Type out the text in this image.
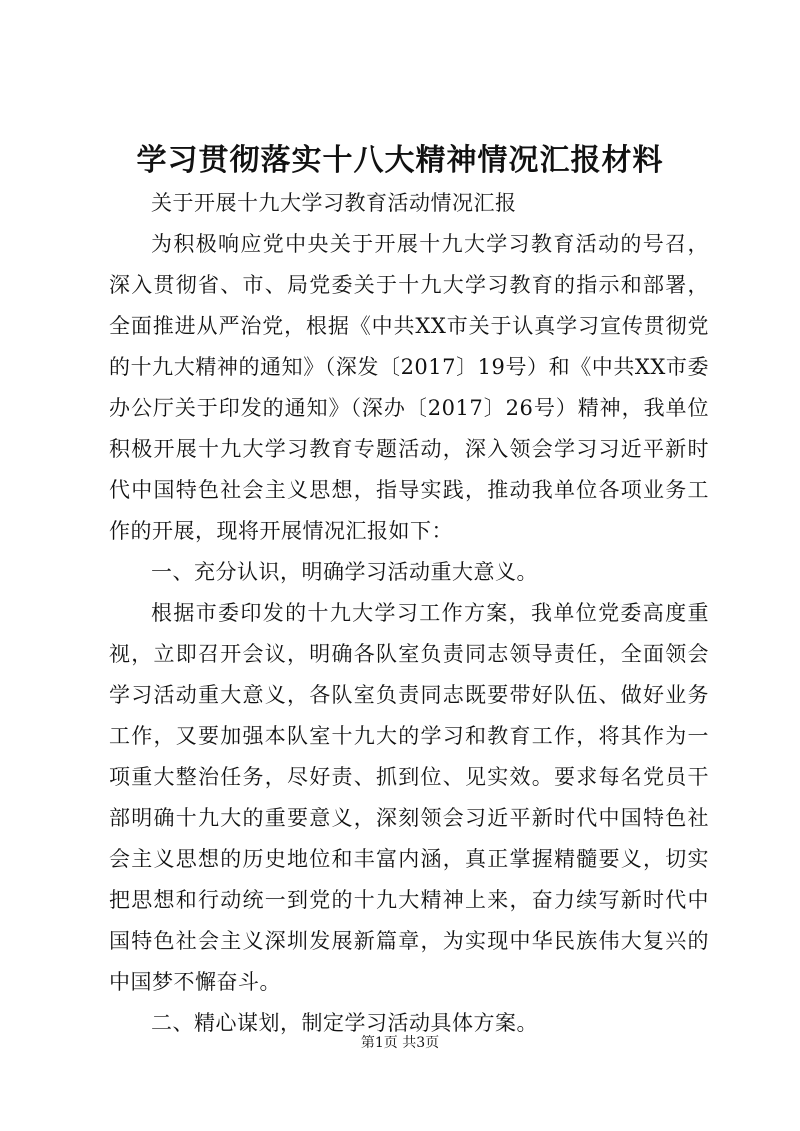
学习贯彻落实十八大精神情况汇报材料

关于开展十九大学习教育活动情况汇报

为积极响应党中央关于开展十九大学习教育活动的号召，深入贯彻省、市、局党委关于十九大学习教育的指示和部署，全面推进从严治党，根据《中共XX市关于认真学习宣传贯彻党的十九大精神的通知》（深发〔2017〕19号）和《中共XX市委办公厅关于印发的通知》（深办〔2017〕26号）精神，我单位积极开展十九大学习教育专题活动，深入领会学习习近平新时代中国特色社会主义思想，指导实践，推动我单位各项业务工作的开展，现将开展情况汇报如下：

一、充分认识，明确学习活动重大意义。

根据市委印发的十九大学习工作方案，我单位党委高度重视，立即召开会议，明确各队室负责同志领导责任，全面领会学习活动重大意义，各队室负责同志既要带好队伍、做好业务工作，又要加强本队室十九大的学习和教育工作，将其作为一项重大整治任务，尽好责、抓到位、见实效。要求每名党员干部明确十九大的重要意义，深刻领会习近平新时代中国特色社会主义思想的历史地位和丰富内涵，真正掌握精髓要义，切实把思想和行动统一到党的十九大精神上来，奋力续写新时代中国特色社会主义深圳发展新篇章，为实现中华民族伟大复兴的中国梦不懈奋斗。

二、精心谋划，制定学习活动具体方案。

第1页 共3页
